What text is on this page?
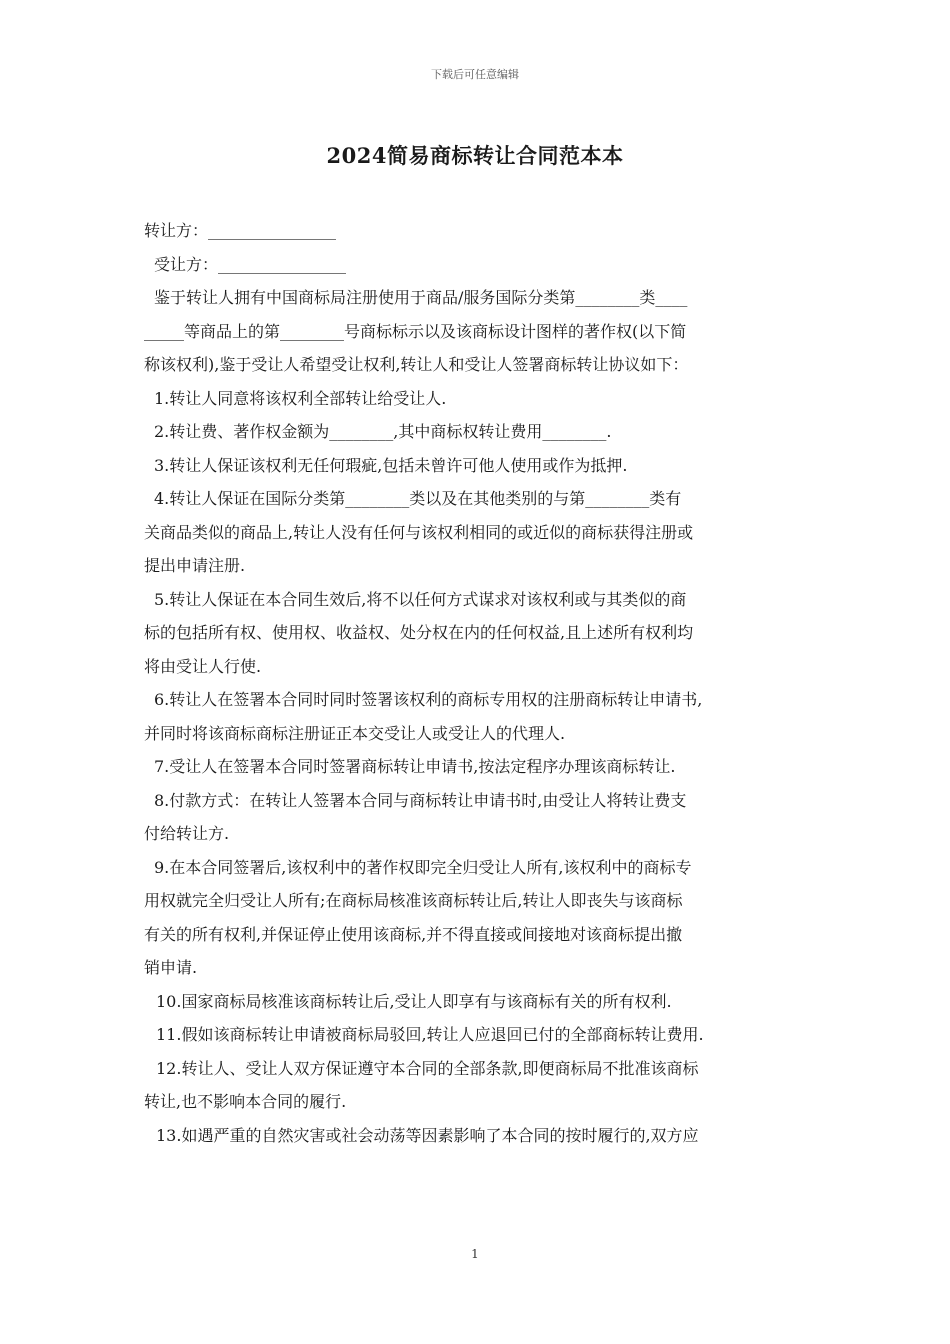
下载后可任意编辑
2024简易商标转让合同范本本
转让方：________________
受让方：________________
鉴于转让人拥有中国商标局注册使用于商品/服务国际分类第________类____
_____等商品上的第________号商标标示以及该商标设计图样的著作权(以下简
称该权利),鉴于受让人希望受让权利,转让人和受让人签署商标转让协议如下：
1.转让人同意将该权利全部转让给受让人.
2.转让费、著作权金额为________,其中商标权转让费用________.
3.转让人保证该权利无任何瑕疵,包括未曾许可他人使用或作为抵押.
4.转让人保证在国际分类第________类以及在其他类别的与第________类有
关商品类似的商品上,转让人没有任何与该权利相同的或近似的商标获得注册或
提出申请注册.
5.转让人保证在本合同生效后,将不以任何方式谋求对该权利或与其类似的商
标的包括所有权、使用权、收益权、处分权在内的任何权益,且上述所有权利均
将由受让人行使.
6.转让人在签署本合同时同时签署该权利的商标专用权的注册商标转让申请书,
并同时将该商标商标注册证正本交受让人或受让人的代理人.
7.受让人在签署本合同时签署商标转让申请书,按法定程序办理该商标转让.
8.付款方式：在转让人签署本合同与商标转让申请书时,由受让人将转让费支
付给转让方.
9.在本合同签署后,该权利中的著作权即完全归受让人所有,该权利中的商标专
用权就完全归受让人所有;在商标局核准该商标转让后,转让人即丧失与该商标
有关的所有权利,并保证停止使用该商标,并不得直接或间接地对该商标提出撤
销申请.
10.国家商标局核准该商标转让后,受让人即享有与该商标有关的所有权利.
11.假如该商标转让申请被商标局驳回,转让人应退回已付的全部商标转让费用.
12.转让人、受让人双方保证遵守本合同的全部条款,即便商标局不批准该商标
转让,也不影响本合同的履行.
13.如遇严重的自然灾害或社会动荡等因素影响了本合同的按时履行的,双方应
1
